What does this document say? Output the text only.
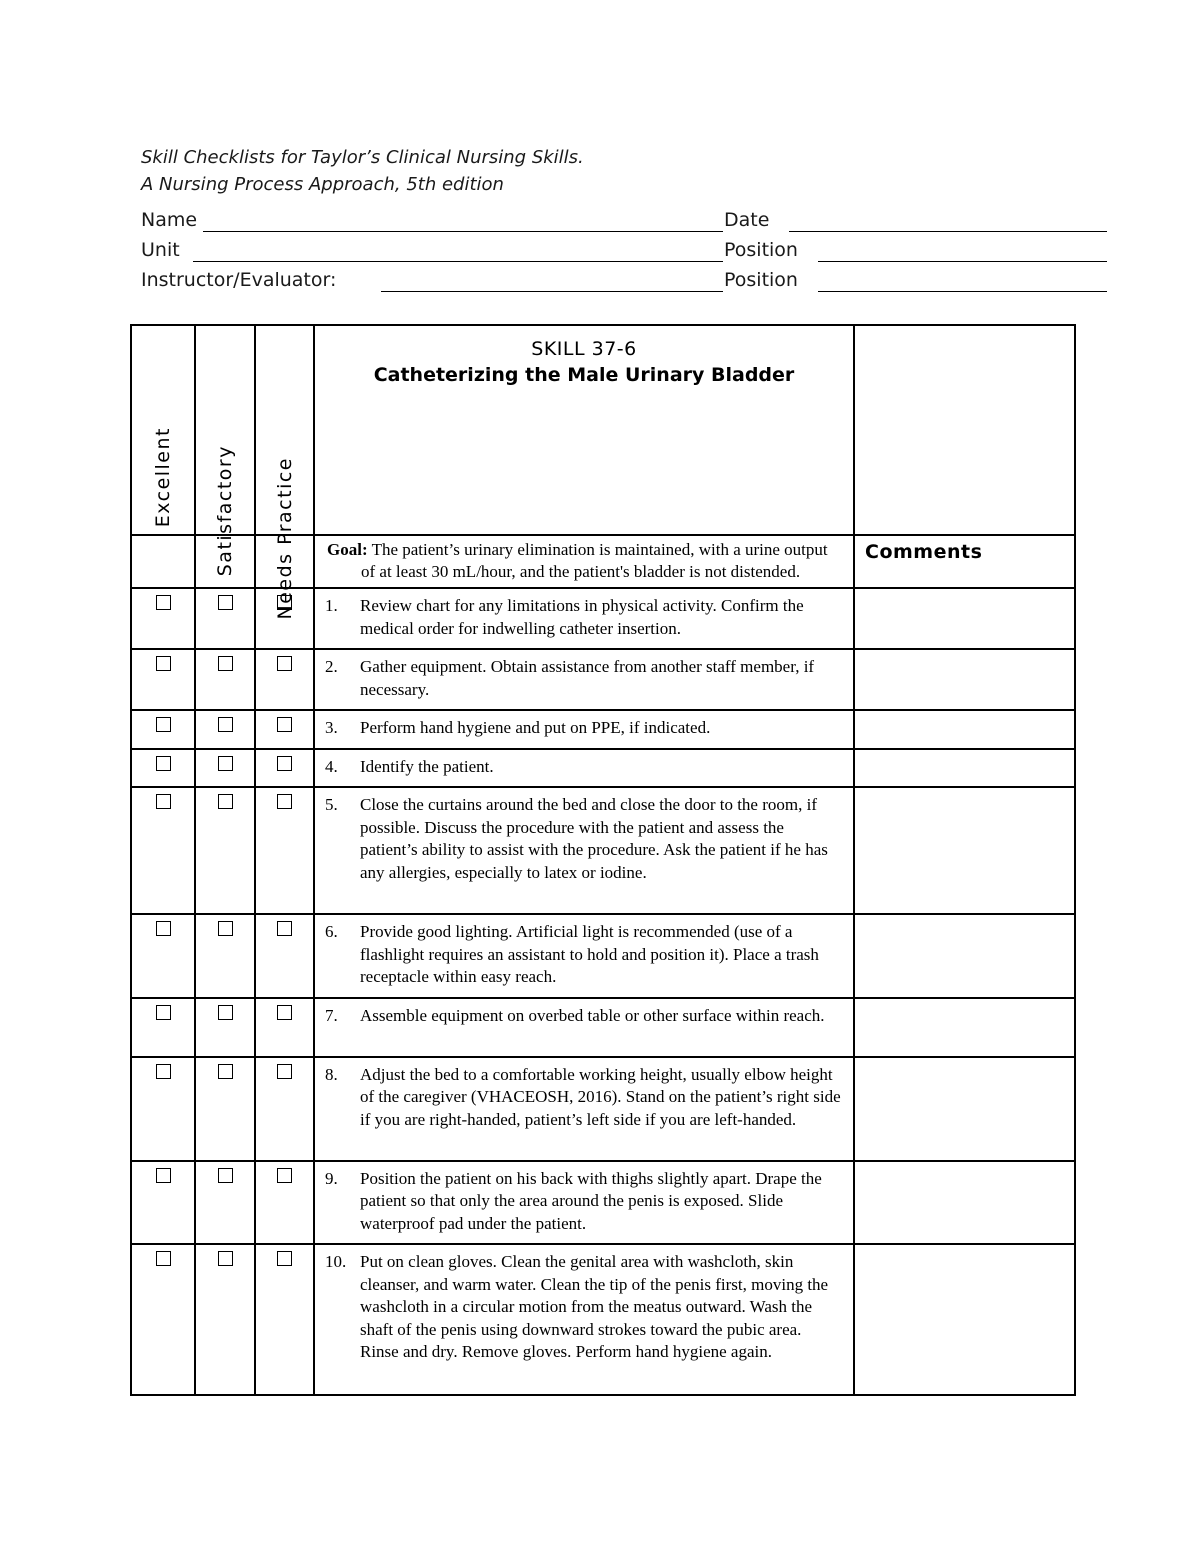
Skill Checklists for Taylor’s Clinical Nursing Skills.
A Nursing Process Approach, 5th edition
Name	Date
Unit	Position
Instructor/Evaluator:	Position
Excellent	Satisfactory	Needs Practice	SKILL 37-6
Catheterizing the Male Urinary Bladder	

			Goal: The patient’s urinary elimination is maintained, with a urine output of at least 30 mL/hour, and the patient's bladder is not distended.	Comments

			1. Review chart for any limitations in physical activity. Confirm the medical order for indwelling catheter insertion.	

			2. Gather equipment. Obtain assistance from another staff member, if necessary.	

			3. Perform hand hygiene and put on PPE, if indicated.	

			4. Identify the patient.	

			5. Close the curtains around the bed and close the door to the room, if possible. Discuss the procedure with the patient and assess the patient’s ability to assist with the procedure. Ask the patient if he has any allergies, especially to latex or iodine.	

			6. Provide good lighting. Artificial light is recommended (use of a flashlight requires an assistant to hold and position it). Place a trash receptacle within easy reach.	

			7. Assemble equipment on overbed table or other surface within reach.	

			8. Adjust the bed to a comfortable working height, usually elbow height of the caregiver (VHACEOSH, 2016). Stand on the patient’s right side if you are right-handed, patient’s left side if you are left-handed.	

			9. Position the patient on his back with thighs slightly apart. Drape the patient so that only the area around the penis is exposed. Slide waterproof pad under the patient.	

			10. Put on clean gloves. Clean the genital area with washcloth, skin cleanser, and warm water. Clean the tip of the penis first, moving the washcloth in a circular motion from the meatus outward. Wash the shaft of the penis using downward strokes toward the pubic area. Rinse and dry. Remove gloves. Perform hand hygiene again.	
